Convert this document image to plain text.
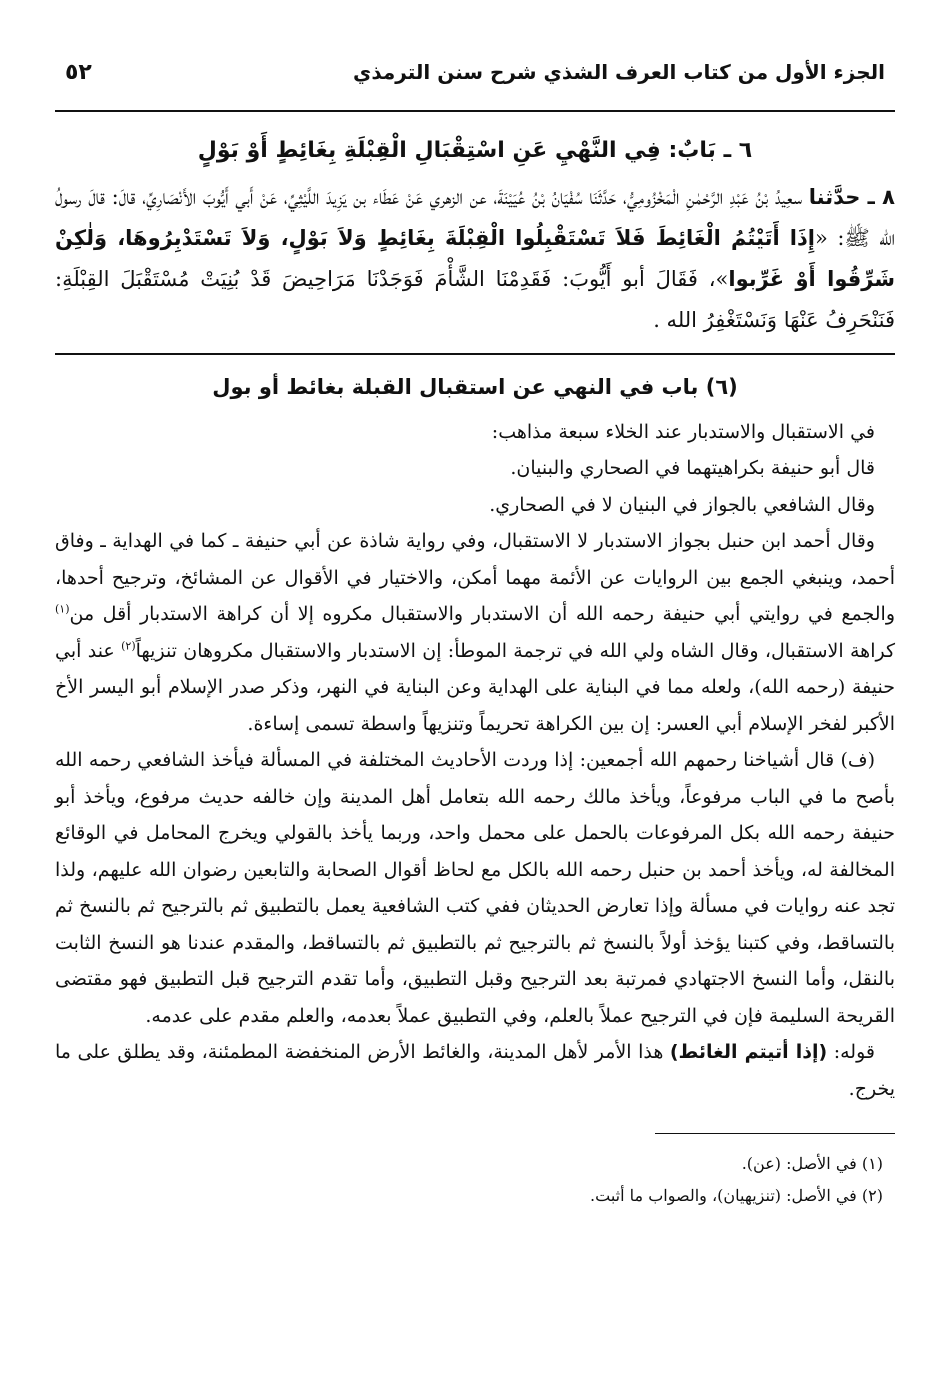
الجزء الأول من كتاب العرف الشذي شرح سنن الترمذي
٥٢
٦ ـ بَابٌ: فِي النَّهْيِ عَنِ اسْتِقْبَالِ الْقِبْلَةِ بِغَائِطٍ أَوْ بَوْلٍ
٨ ـ حدَّثنا سعِيدُ بْنُ عَبْدِ الرَّحْمٰنِ الْمَخْزُومِيُّ، حَدَّثَنَا سُفْيَانُ بْنُ عُيَيْنَةَ، عن الزهري عَنْ عَطَاء بن يَزِيدَ اللَّيْثِيِّ، عَنْ أَبي أَيُّوبَ الأَنْصَارِيِّ، قالَ: قالَ رسولُ الله ﷺ: «إِذَا أَتَيْتُمُ الْغَائِطَ فَلاَ تَسْتَقْبِلُوا الْقِبْلَةَ بِغَائِطٍ وَلاَ بَوْلٍ، وَلاَ تَسْتَدْبِرُوهَا، وَلٰكِنْ شَرِّقُوا أَوْ غَرِّبوا»، فَقَالَ أبو أَيُّوبَ: فَقَدِمْنَا الشَّأْمَ فَوَجَدْنَا مَرَاحِيضَ قَدْ بُنِيَتْ مُسْتَقْبَلَ القِبْلَةِ: فَنَنْحَرِفُ عَنْهَا وَنَسْتَغْفِرُ الله .
(٦) باب في النهي عن استقبال القبلة بغائط أو بول

في الاستقبال والاستدبار عند الخلاء سبعة مذاهب:

قال أبو حنيفة بكراهيتهما في الصحاري والبنيان.

وقال الشافعي بالجواز في البنيان لا في الصحاري.

وقال أحمد ابن حنبل بجواز الاستدبار لا الاستقبال، وفي رواية شاذة عن أبي حنيفة ـ كما في الهداية ـ وفاق أحمد، وينبغي الجمع بين الروايات عن الأئمة مهما أمكن، والاختيار في الأقوال عن المشائخ، وترجيح أحدها، والجمع في روايتي أبي حنيفة رحمه الله أن الاستدبار والاستقبال مكروه إلا أن كراهة الاستدبار أقل من$^{(١)}$ كراهة الاستقبال، وقال الشاه ولي الله في ترجمة الموطأ: إن الاستدبار والاستقبال مكروهان تنزيهاً$^{(٢)}$ عند أبي حنيفة (رحمه الله)، ولعله مما في البناية على الهداية وعن البناية في النهر، وذكر صدر الإسلام أبو اليسر الأخ الأكبر لفخر الإسلام أبي العسر: إن بين الكراهة تحريماً وتنزيهاً واسطة تسمى إساءة.

(ف) قال أشياخنا رحمهم الله أجمعين: إذا وردت الأحاديث المختلفة في المسألة فيأخذ الشافعي رحمه الله بأصح ما في الباب مرفوعاً، ويأخذ مالك رحمه الله بتعامل أهل المدينة وإن خالفه حديث مرفوع، ويأخذ أبو حنيفة رحمه الله بكل المرفوعات بالحمل على محمل واحد، وربما يأخذ بالقولي ويخرج المحامل في الوقائع المخالفة له، ويأخذ أحمد بن حنبل رحمه الله بالكل مع لحاظ أقوال الصحابة والتابعين رضوان الله عليهم، ولذا تجد عنه روايات في مسألة وإذا تعارض الحديثان ففي كتب الشافعية يعمل بالتطبيق ثم بالترجيح ثم بالنسخ ثم بالتساقط، وفي كتبنا يؤخذ أولاً بالنسخ ثم بالترجيح ثم بالتطبيق ثم بالتساقط، والمقدم عندنا هو النسخ الثابت بالنقل، وأما النسخ الاجتهادي فمرتبة بعد الترجيح وقبل التطبيق، وأما تقدم الترجيح قبل التطبيق فهو مقتضى القريحة السليمة فإن في الترجيح عملاً بالعلم، وفي التطبيق عملاً بعدمه، والعلم مقدم على عدمه.

قوله: (إذا أتيتم الغائط) هذا الأمر لأهل المدينة، والغائط الأرض المنخفضة المطمئنة، وقد يطلق على ما يخرج.

(١) في الأصل: (عن).
(٢) في الأصل: (تنزيهيان)، والصواب ما أثبت.
